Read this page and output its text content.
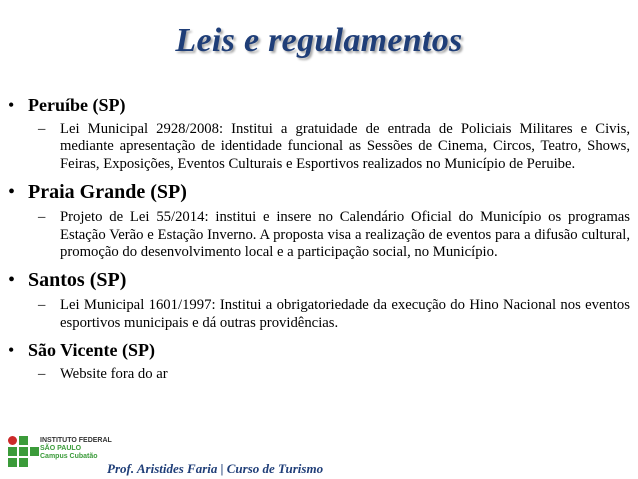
Leis e regulamentos

• Peruíbe (SP)

– Lei Municipal 2928/2008: Institui a gratuidade de entrada de Policiais Militares e Civis, mediante apresentação de identidade funcional as Sessões de Cinema, Circos, Teatro, Shows, Feiras, Exposições, Eventos Culturais e Esportivos realizados no Município de Peruibe.

• Praia Grande (SP)

– Projeto de Lei 55/2014: institui e insere no Calendário Oficial do Município os programas Estação Verão e Estação Inverno. A proposta visa a realização de eventos para a difusão cultural, promoção do desenvolvimento local e a participação social, no Município.

• Santos (SP)

– Lei Municipal 1601/1997: Institui a obrigatoriedade da execução do Hino Nacional nos eventos esportivos municipais e dá outras providências.

• São Vicente (SP)

– Website fora do ar

INSTITUTO FEDERAL
SÃO PAULO
Campus Cubatão
Prof. Aristides Faria | Curso de Turismo
